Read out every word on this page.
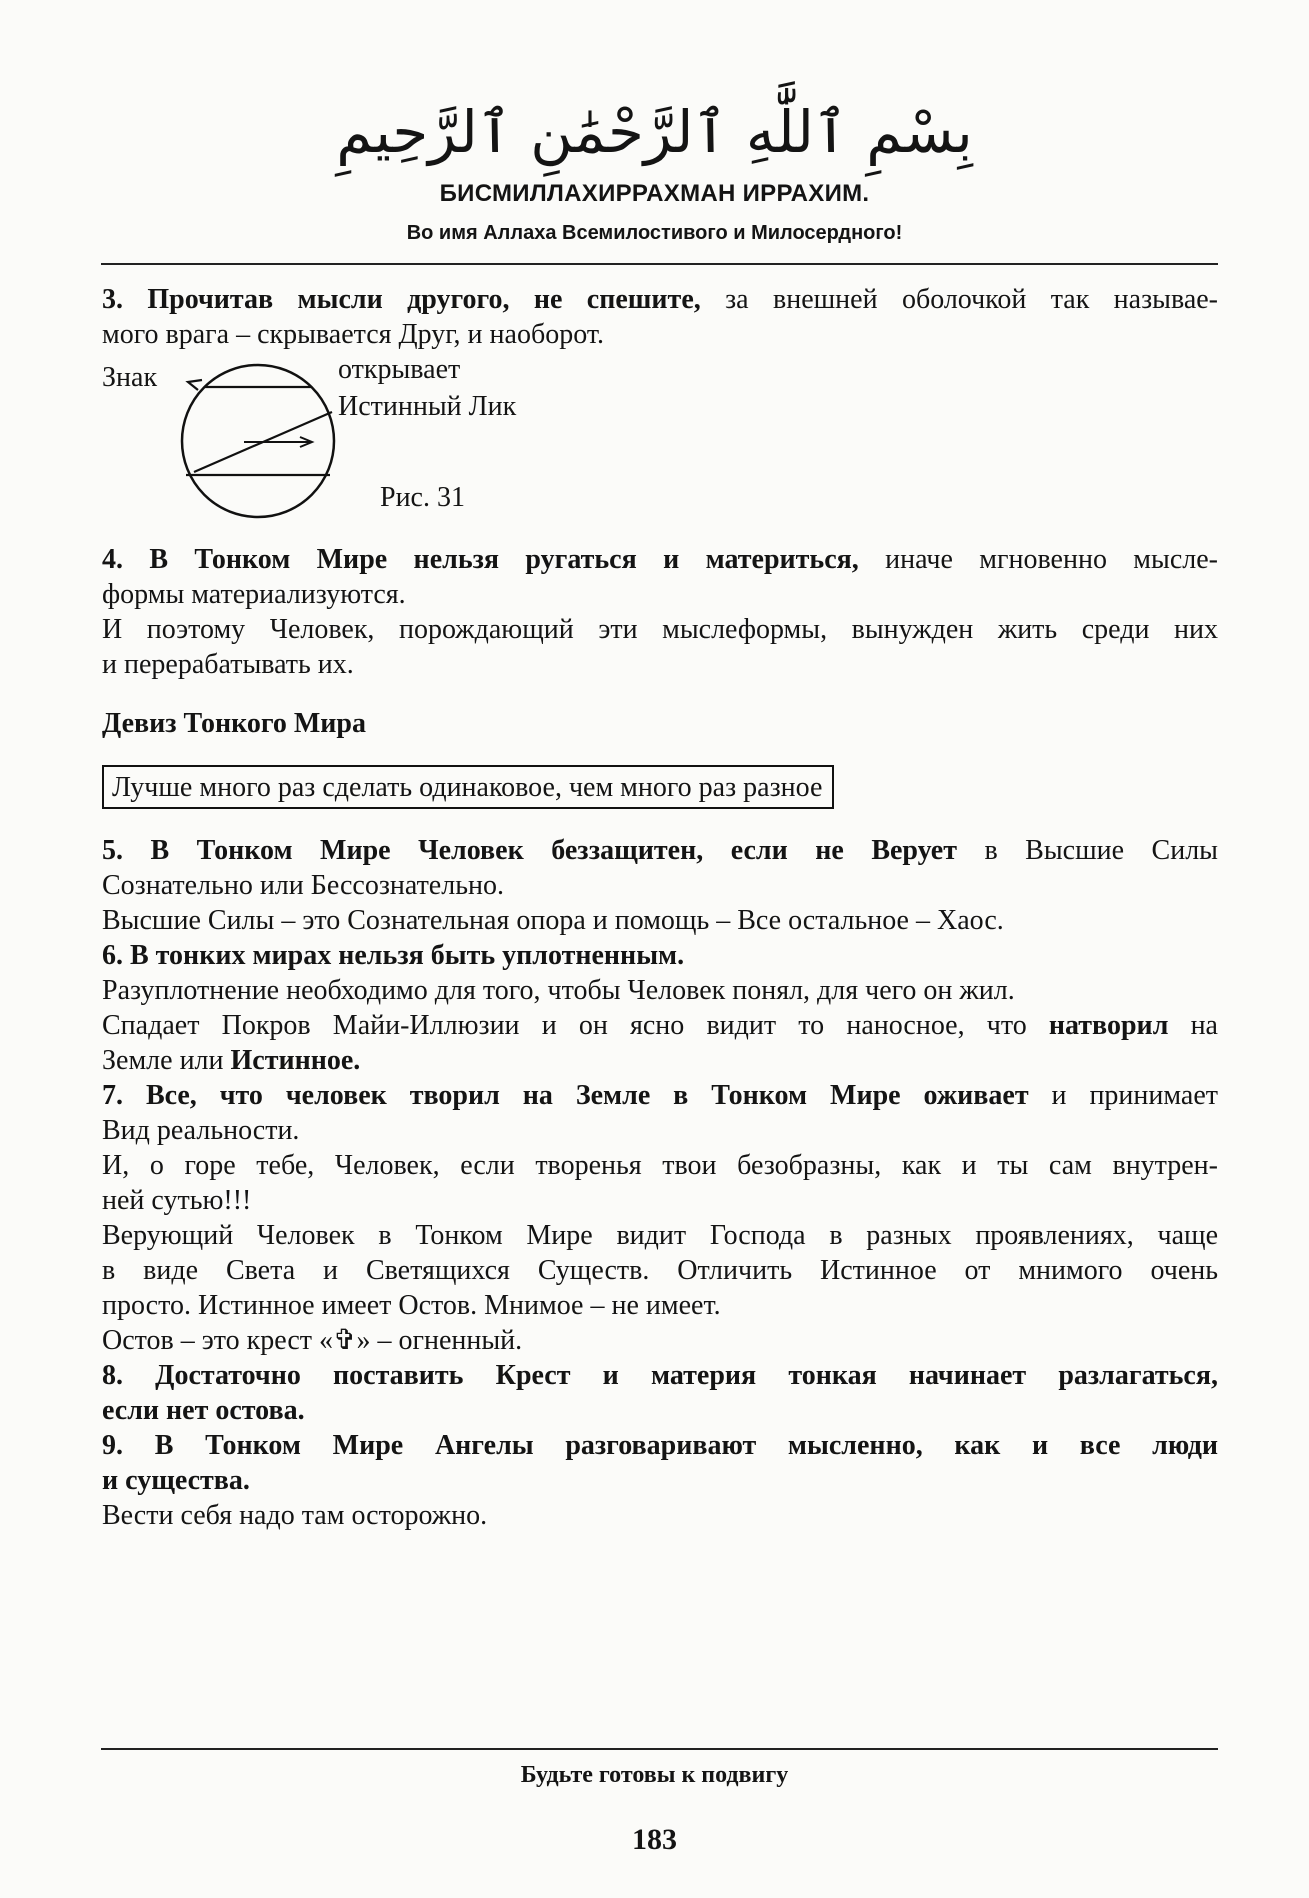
بِسْمِ ٱللَّٰهِ ٱلرَّحْمَٰنِ ٱلرَّحِيمِ
БИСМИЛЛАХИРРАХМАН ИРРАХИМ.
Во имя Аллаха Всемилостивого и Милосердного!

3. Прочитав мысли другого, не спешите, за внешней оболочкой так называе-

мого врага – скрывается Друг, и наоборот.

Знак	открывает
Истинный Лик
Рис. 31

4. В Тонком Мире нельзя ругаться и материться, иначе мгновенно мысле-

формы материализуются.

И поэтому Человек, порождающий эти мыслеформы, вынужден жить среди них

и перерабатывать их.

Девиз Тонкого Мира

Лучше много раз сделать одинаковое, чем много раз разное

5. В Тонком Мире Человек беззащитен, если не Верует в Высшие Силы

Сознательно или Бессознательно.

Высшие Силы – это Сознательная опора и помощь – Все остальное – Хаос.

6. В тонких мирах нельзя быть уплотненным.

Разуплотнение необходимо для того, чтобы Человек понял, для чего он жил.

Спадает Покров Майи-Иллюзии и он ясно видит то наносное, что натворил на

Земле или Истинное.

7. Все, что человек творил на Земле в Тонком Мире оживает и принимает

Вид реальности.

И, о горе тебе, Человек, если творенья твои безобразны, как и ты сам внутрен-

ней сутью!!!

Верующий Человек в Тонком Мире видит Господа в разных проявлениях, чаще

в виде Света и Светящихся Существ. Отличить Истинное от мнимого очень

просто. Истинное имеет Остов. Мнимое – не имеет.

Остов – это крест «✞» – огненный.

8. Достаточно поставить Крест и материя тонкая начинает разлагаться,

если нет остова.

9. В Тонком Мире Ангелы разговаривают мысленно, как и все люди

и существа.

Вести себя надо там осторожно.

Будьте готовы к подвигу
183
